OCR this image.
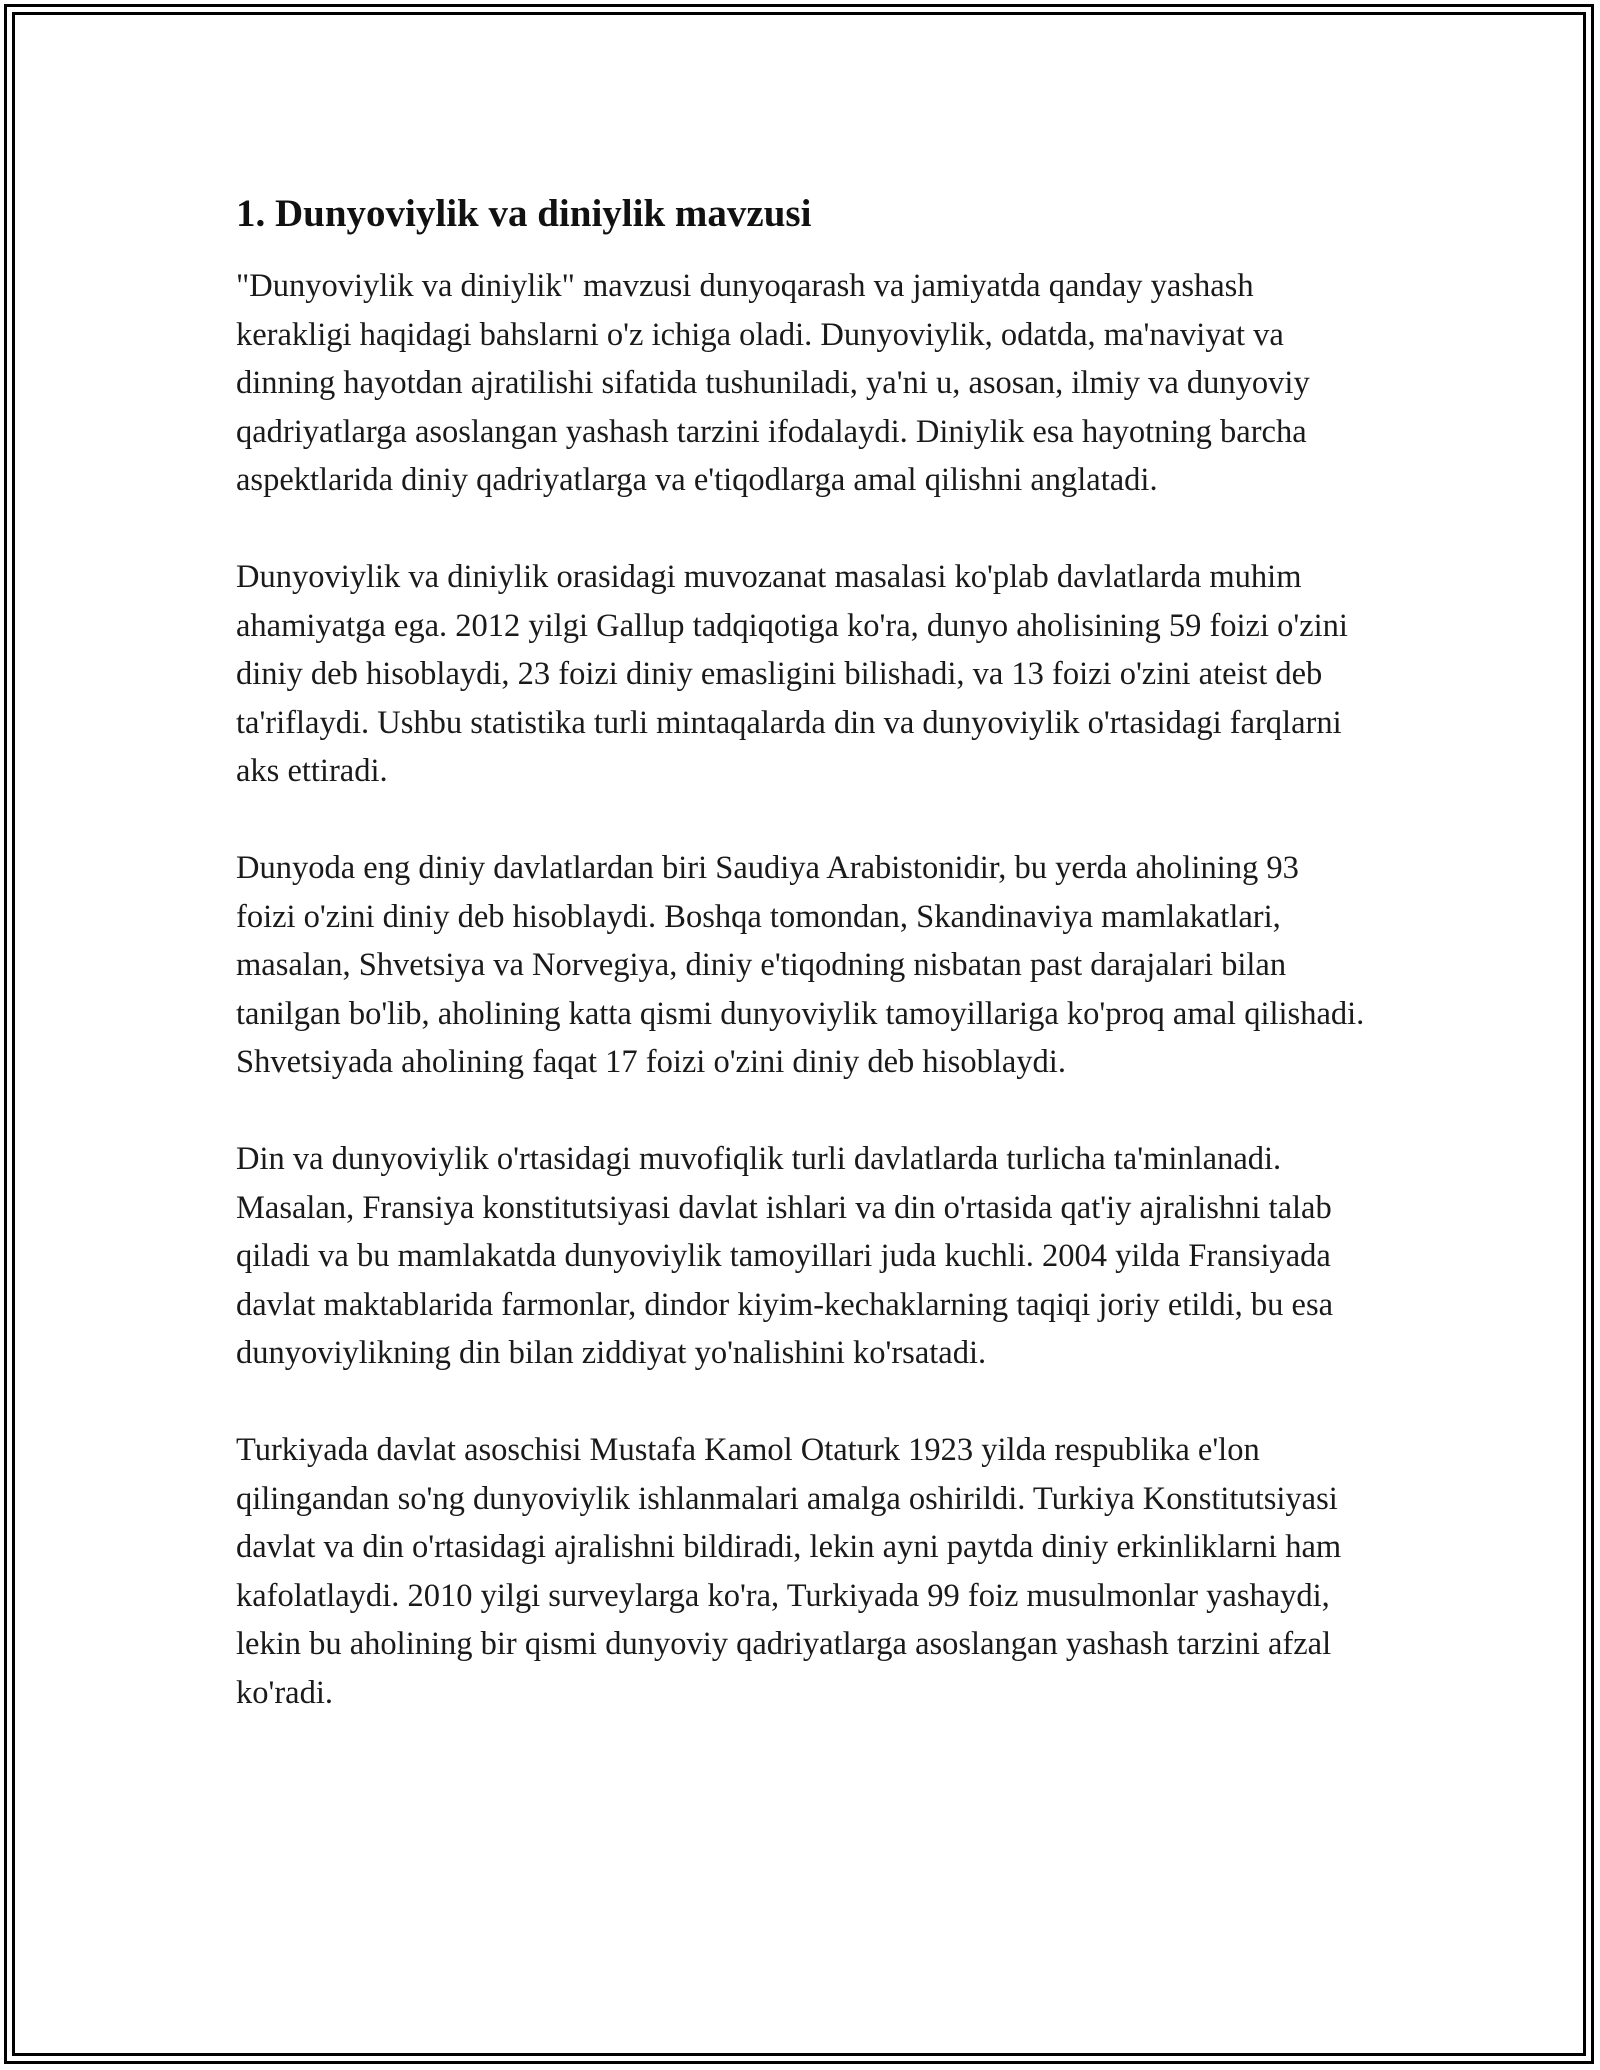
1. Dunyoviylik va diniylik mavzusi

"Dunyoviylik va diniylik" mavzusi dunyoqarash va jamiyatda qanday yashash kerakligi haqidagi bahslarni o'z ichiga oladi. Dunyoviylik, odatda, ma'naviyat va dinning hayotdan ajratilishi sifatida tushuniladi, ya'ni u, asosan, ilmiy va dunyoviy qadriyatlarga asoslangan yashash tarzini ifodalaydi. Diniylik esa hayotning barcha aspektlarida diniy qadriyatlarga va e'tiqodlarga amal qilishni anglatadi.

Dunyoviylik va diniylik orasidagi muvozanat masalasi ko'plab davlatlarda muhim ahamiyatga ega. 2012 yilgi Gallup tadqiqotiga ko'ra, dunyo aholisining 59 foizi o'zini diniy deb hisoblaydi, 23 foizi diniy emasligini bilishadi, va 13 foizi o'zini ateist deb ta'riflaydi. Ushbu statistika turli mintaqalarda din va dunyoviylik o'rtasidagi farqlarni aks ettiradi.

Dunyoda eng diniy davlatlardan biri Saudiya Arabistonidir, bu yerda aholining 93 foizi o'zini diniy deb hisoblaydi. Boshqa tomondan, Skandinaviya mamlakatlari, masalan, Shvetsiya va Norvegiya, diniy e'tiqodning nisbatan past darajalari bilan tanilgan bo'lib, aholining katta qismi dunyoviylik tamoyillariga ko'proq amal qilishadi. Shvetsiyada aholining faqat 17 foizi o'zini diniy deb hisoblaydi.

Din va dunyoviylik o'rtasidagi muvofiqlik turli davlatlarda turlicha ta'minlanadi. Masalan, Fransiya konstitutsiyasi davlat ishlari va din o'rtasida qat'iy ajralishni talab qiladi va bu mamlakatda dunyoviylik tamoyillari juda kuchli. 2004 yilda Fransiyada davlat maktablarida farmonlar, dindor kiyim-kechaklarning taqiqi joriy etildi, bu esa dunyoviylikning din bilan ziddiyat yo'nalishini ko'rsatadi.

Turkiyada davlat asoschisi Mustafa Kamol Otaturk 1923 yilda respublika e'lon qilingandan so'ng dunyoviylik ishlanmalari amalga oshirildi. Turkiya Konstitutsiyasi davlat va din o'rtasidagi ajralishni bildiradi, lekin ayni paytda diniy erkinliklarni ham kafolatlaydi. 2010 yilgi surveylarga ko'ra, Turkiyada 99 foiz musulmonlar yashaydi, lekin bu aholining bir qismi dunyoviy qadriyatlarga asoslangan yashash tarzini afzal ko'radi.
